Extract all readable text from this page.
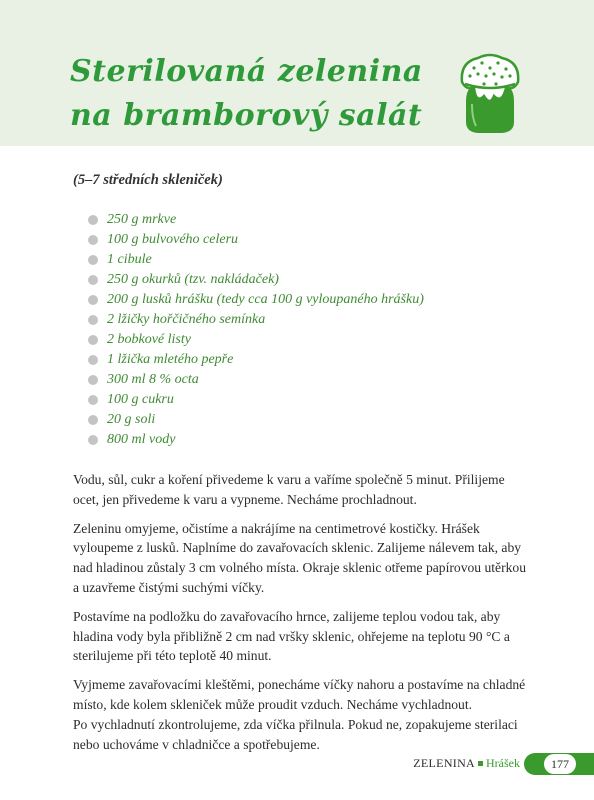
Sterilovaná zelenina
na bramborový salát

(5–7 středních skleniček)

250 g mrkve
100 g bulvového celeru
1 cibule
250 g okurků (tzv. nakládaček)
200 g lusků hrášku (tedy cca 100 g vyloupaného hrášku)
2 lžičky hořčičného semínka
2 bobkové listy
1 lžička mletého pepře
300 ml 8 % octa
100 g cukru
20 g soli
800 ml vody

Vodu, sůl, cukr a koření přivedeme k varu a vaříme společně 5 minut. Přilijeme ocet, jen přivedeme k varu a vypneme. Necháme prochladnout.

Zeleninu omyjeme, očistíme a nakrájíme na centimetrové kostičky. Hrášek vyloupeme z lusků. Naplníme do zavařovacích sklenic. Zalijeme nálevem tak, aby nad hladinou zůstaly 3 cm volného místa. Okraje sklenic otřeme papírovou utěrkou a uzavřeme čistými suchými víčky.

Postavíme na podložku do zavařovacího hrnce, zalijeme teplou vodou tak, aby hladina vody byla přibližně 2 cm nad vršky sklenic, ohřejeme na teplotu 90 °C a sterilujeme při této teplotě 40 minut.

Vyjmeme zavařovacími kleštěmi, ponecháme víčky nahoru a postavíme na chladné místo, kde kolem skleniček může proudit vzduch. Necháme vychladnout.
Po vychladnutí zkontrolujeme, zda víčka přilnula. Pokud ne, zopakujeme sterilaci nebo uchováme v chladničce a spotřebujeme.

ZELENINA Hrášek	177
